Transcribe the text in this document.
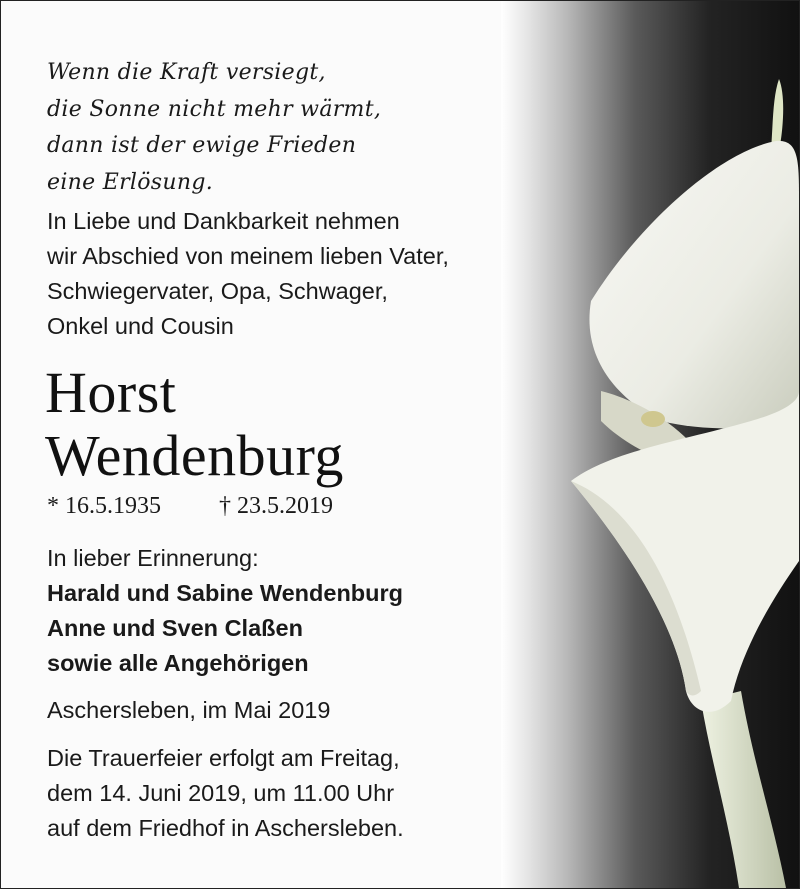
Wenn die Kraft versiegt,
die Sonne nicht mehr wärmt,
dann ist der ewige Frieden
eine Erlösung.
In Liebe und Dankbarkeit nehmen
wir Abschied von meinem lieben Vater,
Schwiegervater, Opa, Schwager,
Onkel und Cousin
Horst
Wendenburg
* 16.5.1935 † 23.5.2019
In lieber Erinnerung:
Harald und Sabine Wendenburg
Anne und Sven Claßen
sowie alle Angehörigen
Aschersleben, im Mai 2019
Die Trauerfeier erfolgt am Freitag,
dem 14. Juni 2019, um 11.00 Uhr
auf dem Friedhof in Aschersleben.
